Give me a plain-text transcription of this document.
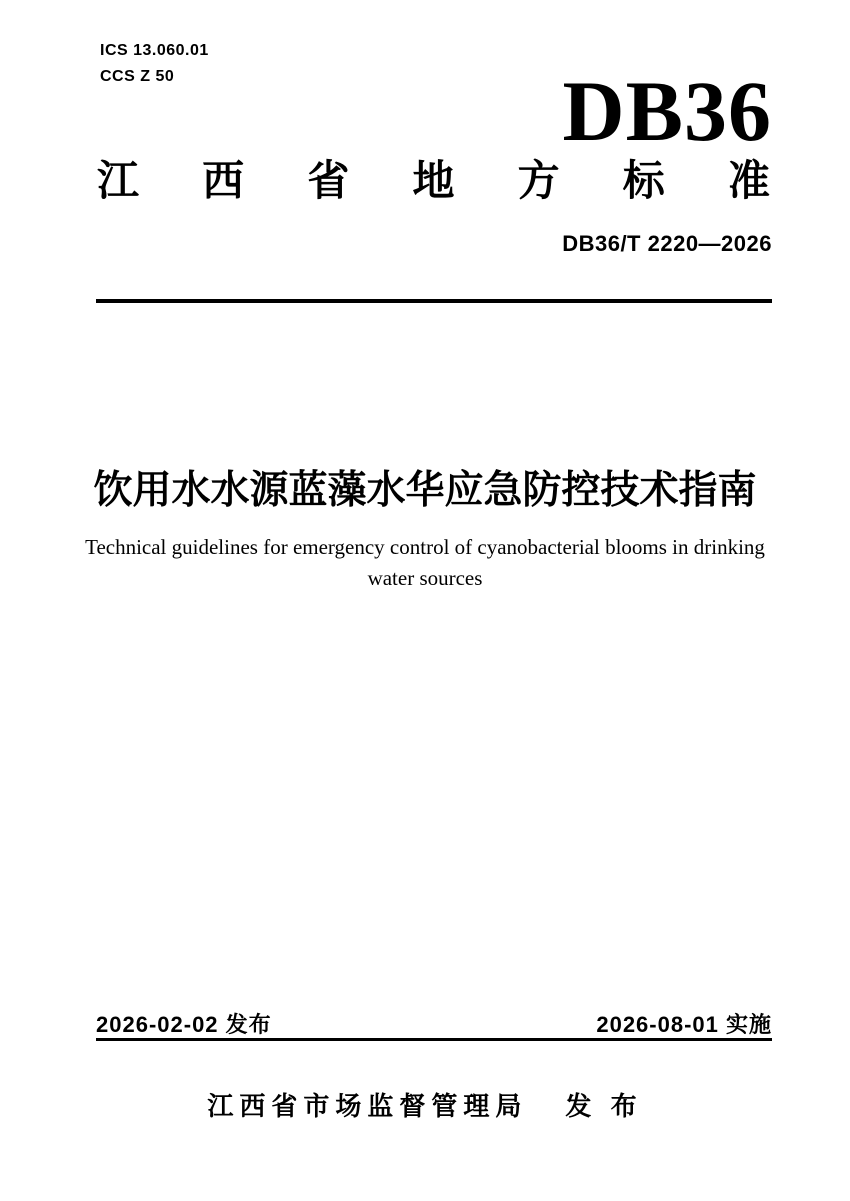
ICS 13.060.01
CCS Z 50	DB36
江 西 省 地 方 标 准
DB36/T 2220—2026
饮用水水源蓝藻水华应急防控技术指南
Technical guidelines for emergency control of cyanobacterial blooms in drinking
water sources
2026-02-02 发布	2026-08-01 实施
江西省市场监督管理局 发 布
